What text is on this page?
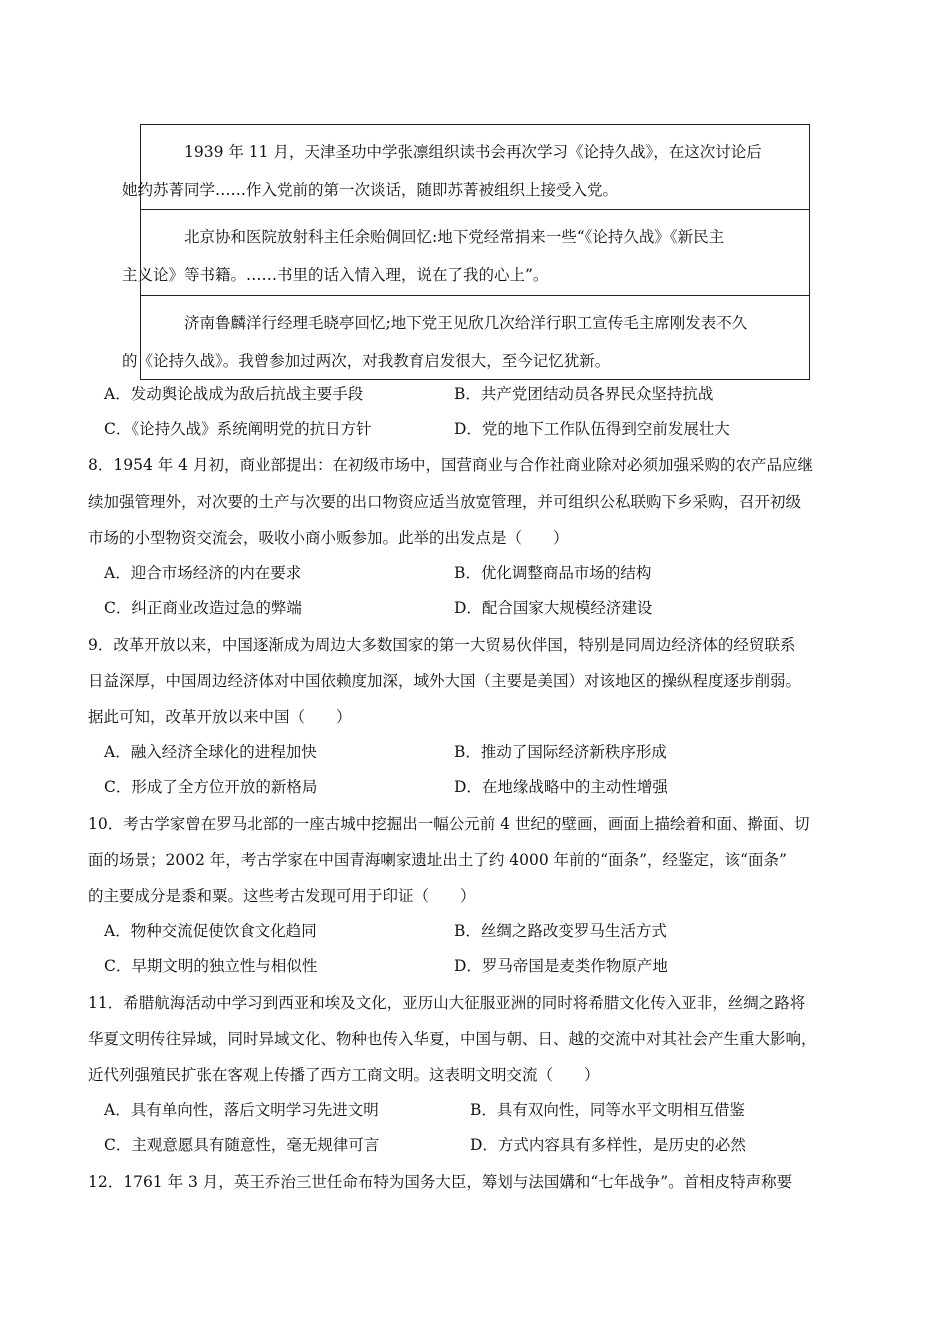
1939 年 11 月，天津圣功中学张凛组织读书会再次学习《论持久战》，在这次讨论后
她约苏菁同学……作入党前的第一次谈话，随即苏菁被组织上接受入党。
北京协和医院放射科主任余贻倜回忆:地下党经常捐来一些“《论持久战》《新民主
主义论》等书籍。……书里的话入情入理，说在了我的心上”。
济南鲁麟洋行经理毛晓亭回忆;地下党王见欣几次给洋行职工宣传毛主席刚发表不久
的《论持久战》。我曾参加过两次，对我教育启发很大，至今记忆犹新。
A．发动舆论战成为敌后抗战主要手段	B．共产党团结动员各界民众坚持抗战
C．《论持久战》系统阐明党的抗日方针	D．党的地下工作队伍得到空前发展壮大
8．1954 年 4 月初，商业部提出：在初级市场中，国营商业与合作社商业除对必须加强采购的农产品应继
续加强管理外，对次要的土产与次要的出口物资应适当放宽管理，并可组织公私联购下乡采购，召开初级
市场的小型物资交流会，吸收小商小贩参加。此举的出发点是（　　）
A．迎合市场经济的内在要求	B．优化调整商品市场的结构
C．纠正商业改造过急的弊端	D．配合国家大规模经济建设
9．改革开放以来，中国逐渐成为周边大多数国家的第一大贸易伙伴国，特别是同周边经济体的经贸联系
日益深厚，中国周边经济体对中国依赖度加深，域外大国（主要是美国）对该地区的操纵程度逐步削弱。
据此可知，改革开放以来中国（　　）
A．融入经济全球化的进程加快	B．推动了国际经济新秩序形成
C．形成了全方位开放的新格局	D．在地缘战略中的主动性增强
10．考古学家曾在罗马北部的一座古城中挖掘出一幅公元前 4 世纪的壁画，画面上描绘着和面、擀面、切
面的场景；2002 年，考古学家在中国青海喇家遗址出土了约 4000 年前的“面条”，经鉴定，该“面条”
的主要成分是黍和粟。这些考古发现可用于印证（　　）
A．物种交流促使饮食文化趋同	B．丝绸之路改变罗马生活方式
C．早期文明的独立性与相似性	D．罗马帝国是麦类作物原产地
11．希腊航海活动中学习到西亚和埃及文化，亚历山大征服亚洲的同时将希腊文化传入亚非，丝绸之路将
华夏文明传往异域，同时异域文化、物种也传入华夏，中国与朝、日、越的交流中对其社会产生重大影响，
近代列强殖民扩张在客观上传播了西方工商文明。这表明文明交流（　　）
A．具有单向性，落后文明学习先进文明	B．具有双向性，同等水平文明相互借鉴
C．主观意愿具有随意性，毫无规律可言	D．方式内容具有多样性，是历史的必然
12．1761 年 3 月，英王乔治三世任命布特为国务大臣，筹划与法国媾和“七年战争”。首相皮特声称要
